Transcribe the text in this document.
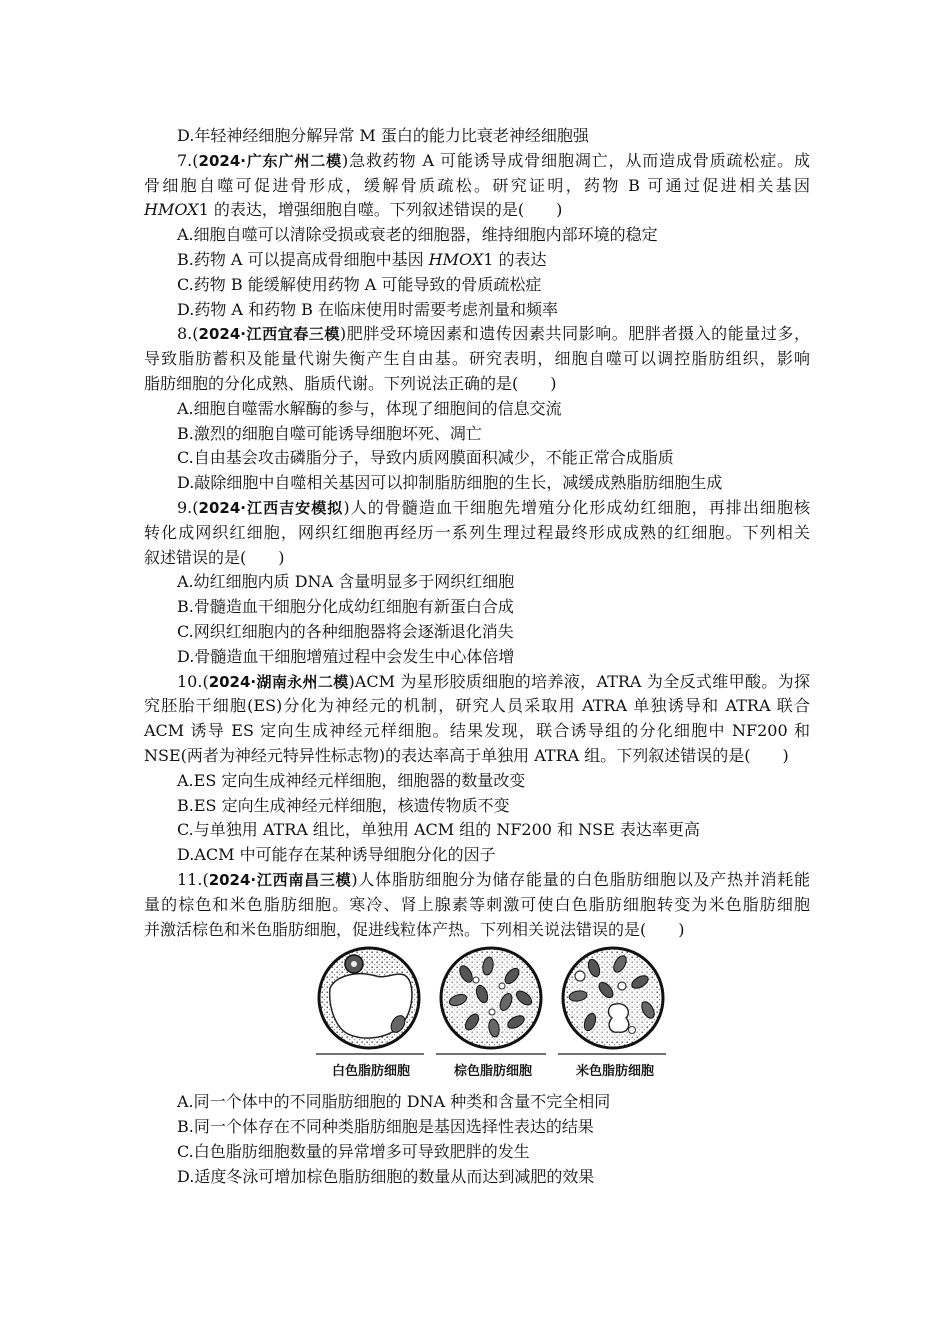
D.年轻神经细胞分解异常 M 蛋白的能力比衰老神经细胞强
7.(2024·广东广州二模)急救药物 A 可能诱导成骨细胞凋亡，从而造成骨质疏松症。成
骨细胞自噬可促进骨形成，缓解骨质疏松。研究证明，药物 B 可通过促进相关基因
HMOX1 的表达，增强细胞自噬。下列叙述错误的是(　　)
A.细胞自噬可以清除受损或衰老的细胞器，维持细胞内部环境的稳定
B.药物 A 可以提高成骨细胞中基因 HMOX1 的表达
C.药物 B 能缓解使用药物 A 可能导致的骨质疏松症
D.药物 A 和药物 B 在临床使用时需要考虑剂量和频率
8.(2024·江西宜春三模)肥胖受环境因素和遗传因素共同影响。肥胖者摄入的能量过多，
导致脂肪蓄积及能量代谢失衡产生自由基。研究表明，细胞自噬可以调控脂肪组织，影响
脂肪细胞的分化成熟、脂质代谢。下列说法正确的是(　　)
A.细胞自噬需水解酶的参与，体现了细胞间的信息交流
B.激烈的细胞自噬可能诱导细胞坏死、凋亡
C.自由基会攻击磷脂分子，导致内质网膜面积减少，不能正常合成脂质
D.敲除细胞中自噬相关基因可以抑制脂肪细胞的生长，减缓成熟脂肪细胞生成
9.(2024·江西吉安模拟)人的骨髓造血干细胞先增殖分化形成幼红细胞，再排出细胞核
转化成网织红细胞，网织红细胞再经历一系列生理过程最终形成成熟的红细胞。下列相关
叙述错误的是(　　)
A.幼红细胞内质 DNA 含量明显多于网织红细胞
B.骨髓造血干细胞分化成幼红细胞有新蛋白合成
C.网织红细胞内的各种细胞器将会逐渐退化消失
D.骨髓造血干细胞增殖过程中会发生中心体倍增
10.(2024·湖南永州二模)ACM 为星形胶质细胞的培养液，ATRA 为全反式维甲酸。为探
究胚胎干细胞(ES)分化为神经元的机制，研究人员采取用 ATRA 单独诱导和 ATRA 联合
ACM 诱导 ES 定向生成神经元样细胞。结果发现，联合诱导组的分化细胞中 NF200 和
NSE(两者为神经元特异性标志物)的表达率高于单独用 ATRA 组。下列叙述错误的是(　　)
A.ES 定向生成神经元样细胞，细胞器的数量改变
B.ES 定向生成神经元样细胞，核遗传物质不变
C.与单独用 ATRA 组比，单独用 ACM 组的 NF200 和 NSE 表达率更高
D.ACM 中可能存在某种诱导细胞分化的因子
11.(2024·江西南昌三模)人体脂肪细胞分为储存能量的白色脂肪细胞以及产热并消耗能
量的棕色和米色脂肪细胞。寒冷、肾上腺素等刺激可使白色脂肪细胞转变为米色脂肪细胞
并激活棕色和米色脂肪细胞，促进线粒体产热。下列相关说法错误的是(　　)
白色脂肪细胞	棕色脂肪细胞	米色脂肪细胞
A.同一个体中的不同脂肪细胞的 DNA 种类和含量不完全相同
B.同一个体存在不同种类脂肪细胞是基因选择性表达的结果
C.白色脂肪细胞数量的异常增多可导致肥胖的发生
D.适度冬泳可增加棕色脂肪细胞的数量从而达到减肥的效果
